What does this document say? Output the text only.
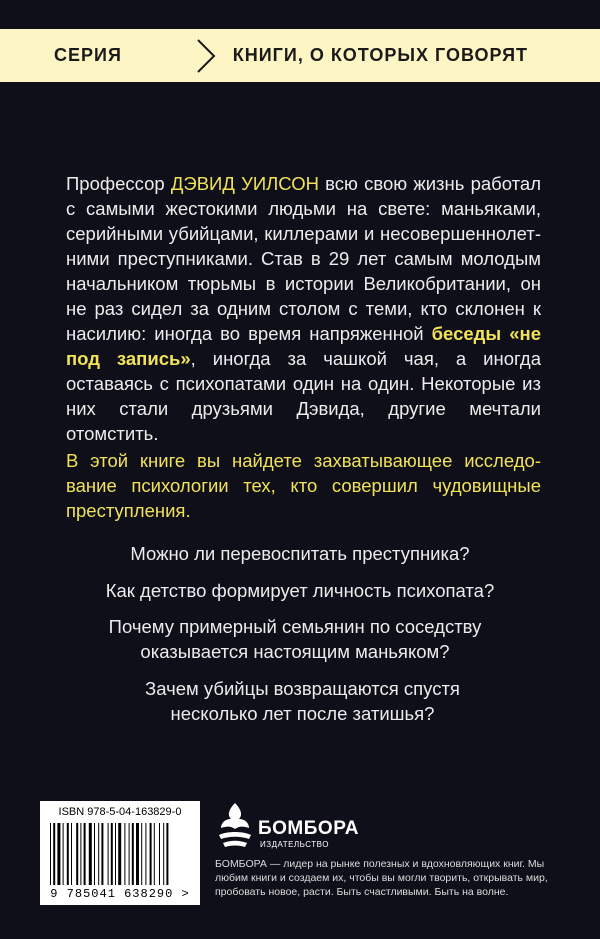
СЕРИЯ	КНИГИ, О КОТОРЫХ ГОВОРЯТ

Профессор ДЭВИД УИЛСОН всю свою жизнь работал с самыми жестокими людьми на свете: маньяками, серийными убийцами, киллерами и несовершеннолетними преступниками. Став в 29 лет самым молодым начальником тюрьмы в истории Великобритании, он не раз сидел за одним столом с теми, кто склонен к насилию: иногда во время напряженной беседы «не под запись», иногда за чашкой чая, а иногда оставаясь с психопатами один на один. Некоторые из них стали друзьями Дэвида, другие мечтали отомстить.

В этой книге вы найдете захватывающее исследование психологии тех, кто совершил чудовищные преступления.

Можно ли перевоспитать преступника?

Как детство формирует личность психопата?

Почему примерный семьянин по соседству оказывается настоящим маньяком?

Зачем убийцы возвращаются спустя несколько лет после затишья?

ISBN 978-5-04-163829-0
9 785041 638290 >
БОМБОРА
ИЗДАТЕЛЬСТВО

БОМБОРА — лидер на рынке полезных и вдохновляющих книг. Мы любим книги и создаем их, чтобы вы могли творить, открывать мир, пробовать новое, расти. Быть счастливыми. Быть на волне.
